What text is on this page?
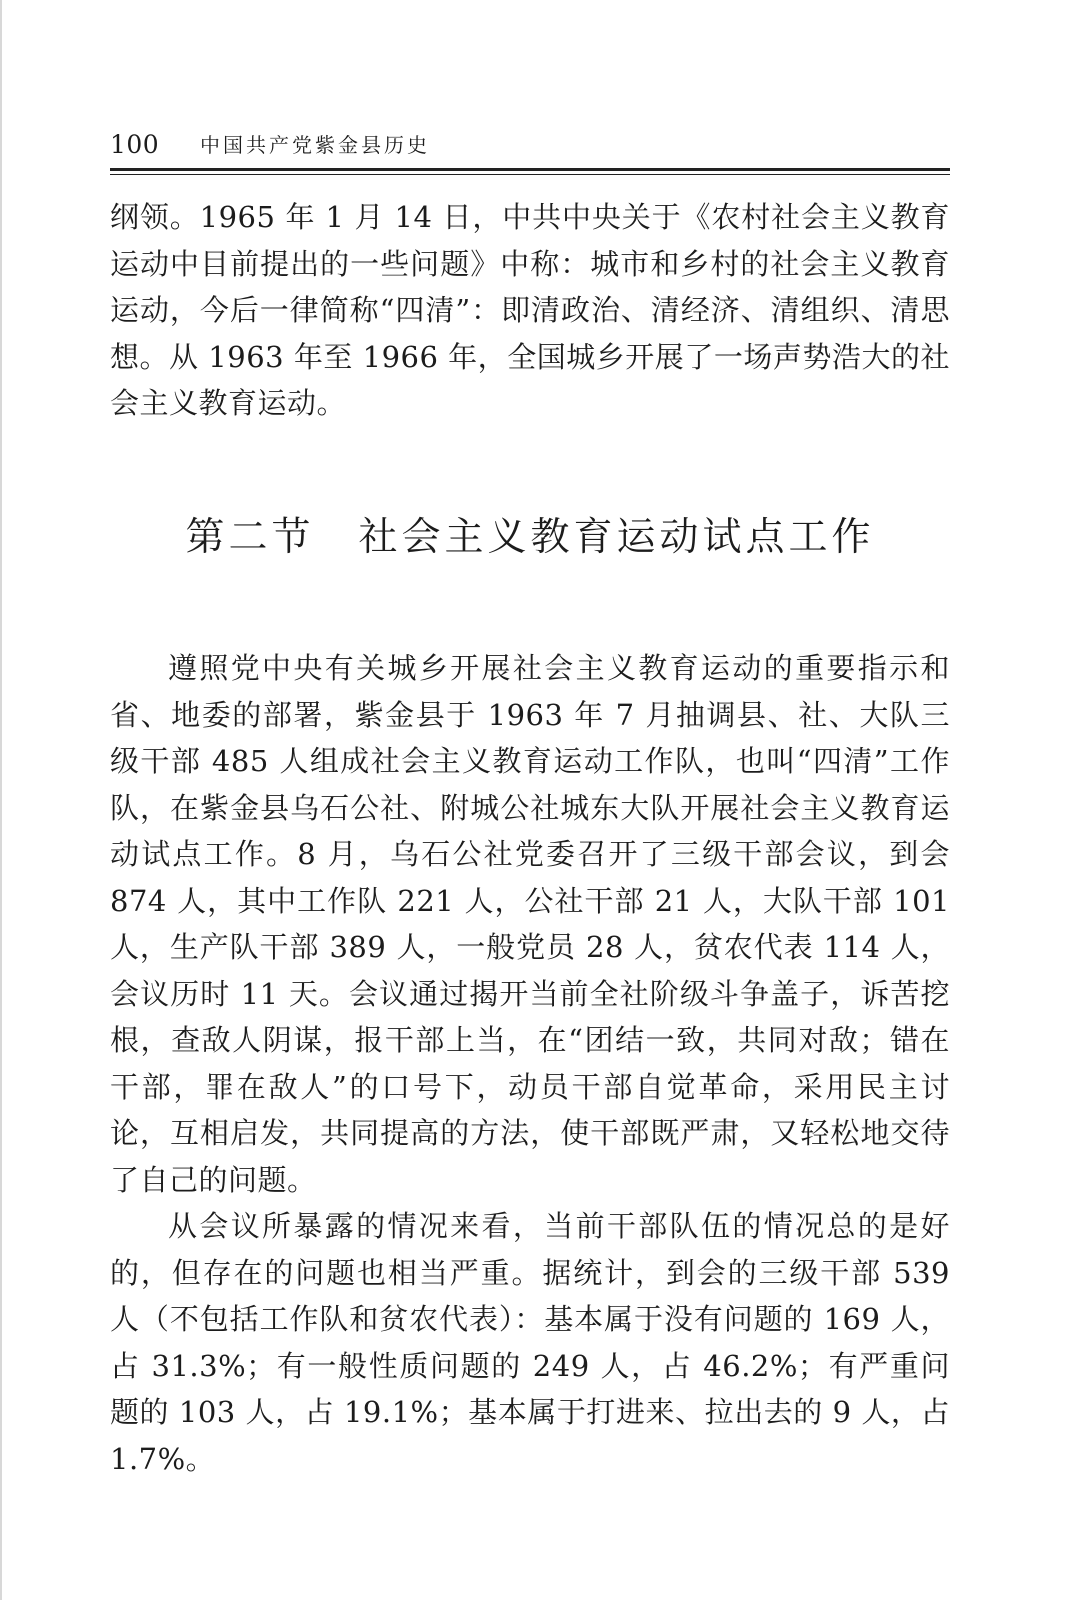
100 中国共产党紫金县历史

纲领。1965 年 1 月 14 日，中共中央关于《农村社会主义教育运动中目前提出的一些问题》中称：城市和乡村的社会主义教育运动，今后一律简称“四清”：即清政治、清经济、清组织、清思想。从 1963 年至 1966 年，全国城乡开展了一场声势浩大的社会主义教育运动。

第二节 社会主义教育运动试点工作

遵照党中央有关城乡开展社会主义教育运动的重要指示和省、地委的部署，紫金县于 1963 年 7 月抽调县、社、大队三级干部 485 人组成社会主义教育运动工作队，也叫“四清”工作队，在紫金县乌石公社、附城公社城东大队开展社会主义教育运动试点工作。8 月，乌石公社党委召开了三级干部会议，到会 874 人，其中工作队 221 人，公社干部 21 人，大队干部 101 人，生产队干部 389 人，一般党员 28 人，贫农代表 114 人，会议历时 11 天。会议通过揭开当前全社阶级斗争盖子，诉苦挖根，查敌人阴谋，报干部上当，在“团结一致，共同对敌；错在干部，罪在敌人”的口号下，动员干部自觉革命，采用民主讨论，互相启发，共同提高的方法，使干部既严肃，又轻松地交待了自己的问题。

从会议所暴露的情况来看，当前干部队伍的情况总的是好的，但存在的问题也相当严重。据统计，到会的三级干部 539 人（不包括工作队和贫农代表）：基本属于没有问题的 169 人，占 31.3%；有一般性质问题的 249 人，占 46.2%；有严重问题的 103 人，占 19.1%；基本属于打进来、拉出去的 9 人，占 1.7%。
